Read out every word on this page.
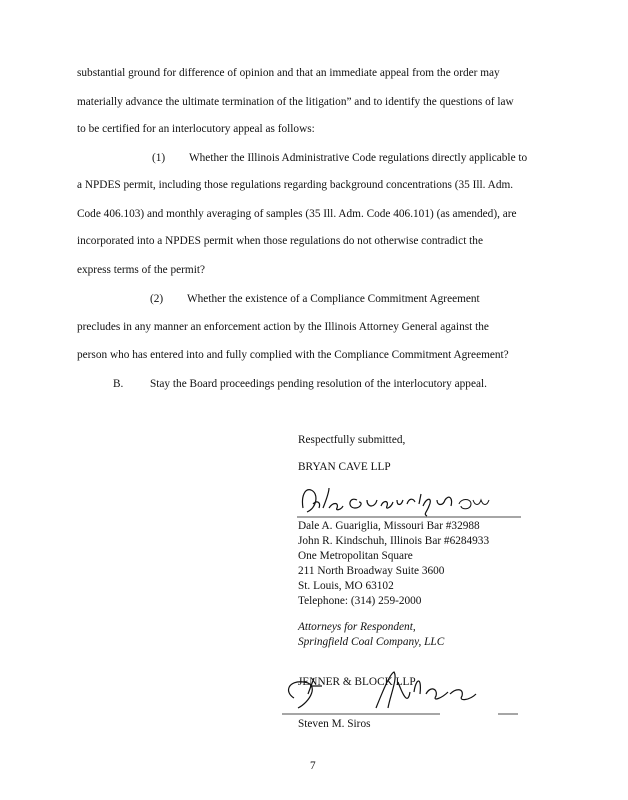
substantial ground for difference of opinion and that an immediate appeal from the order may
materially advance the ultimate termination of the litigation” and to identify the questions of law
to be certified for an interlocutory appeal as follows:
(1) Whether the Illinois Administrative Code regulations directly applicable to
a NPDES permit, including those regulations regarding background concentrations (35 Ill. Adm.
Code 406.103) and monthly averaging of samples (35 Ill. Adm. Code 406.101) (as amended), are
incorporated into a NPDES permit when those regulations do not otherwise contradict the
express terms of the permit?
(2) Whether the existence of a Compliance Commitment Agreement
precludes in any manner an enforcement action by the Illinois Attorney General against the
person who has entered into and fully complied with the Compliance Commitment Agreement?
B. Stay the Board proceedings pending resolution of the interlocutory appeal.
Respectfully submitted,
BRYAN CAVE LLP
Dale A. Guariglia, Missouri Bar #32988
John R. Kindschuh, Illinois Bar #6284933
One Metropolitan Square
211 North Broadway Suite 3600
St. Louis, MO 63102
Telephone: (314) 259-2000
Attorneys for Respondent,
Springfield Coal Company, LLC
JENNER & BLOCK LLP
Steven M. Siros
7
